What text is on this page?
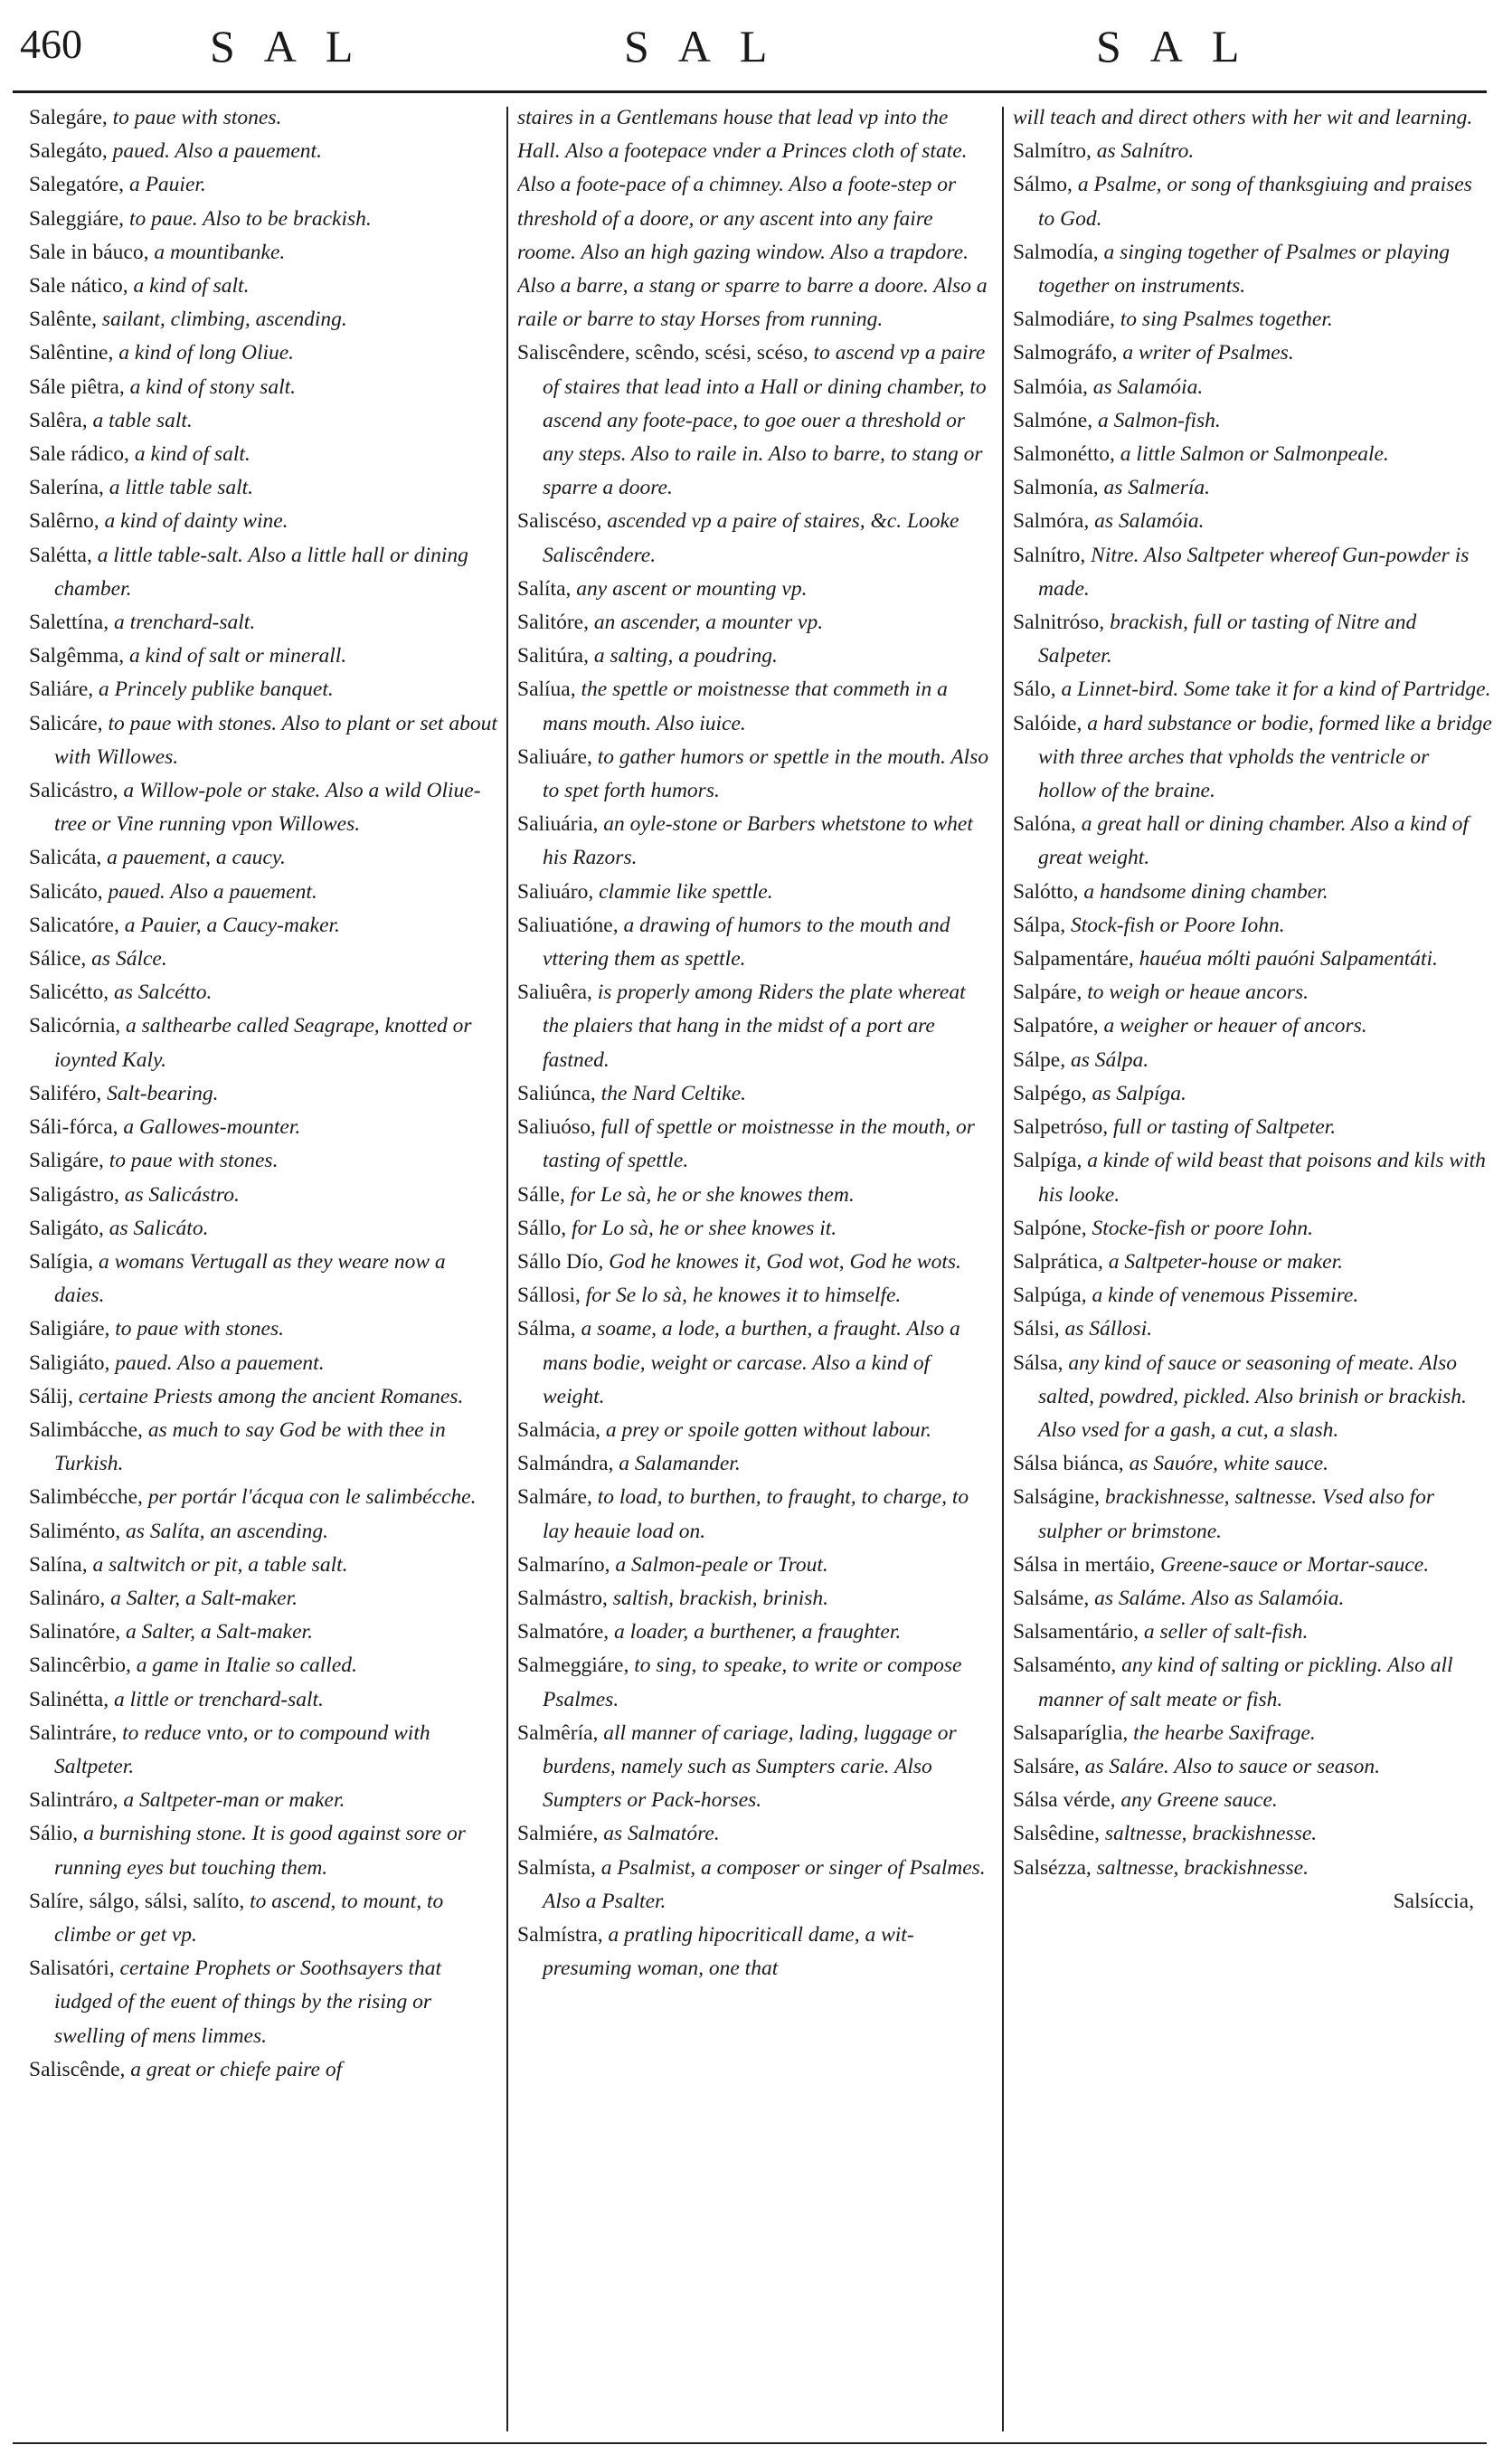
460	SAL	SAL	SAL

Salegáre, to paue with stones.

Salegáto, paued. Also a pauement.

Salegatóre, a Pauier.

Saleggiáre, to paue. Also to be brackish.

Sale in báuco, a mountibanke.

Sale nático, a kind of salt.

Salênte, sailant, climbing, ascending.

Salêntine, a kind of long Oliue.

Sále piêtra, a kind of stony salt.

Salêra, a table salt.

Sale rádico, a kind of salt.

Salerína, a little table salt.

Salêrno, a kind of dainty wine.

Salétta, a little table-salt. Also a little hall or dining chamber.

Salettína, a trenchard-salt.

Salgêmma, a kind of salt or minerall.

Saliáre, a Princely publike banquet.

Salicáre, to paue with stones. Also to plant or set about with Willowes.

Salicástro, a Willow-pole or stake. Also a wild Oliue-tree or Vine running vpon Willowes.

Salicáta, a pauement, a caucy.

Salicáto, paued. Also a pauement.

Salicatóre, a Pauier, a Caucy-maker.

Sálice, as Sálce.

Salicétto, as Salcétto.

Salicórnia, a salthearbe called Seagrape, knotted or ioynted Kaly.

Saliféro, Salt-bearing.

Sáli-fórca, a Gallowes-mounter.

Saligáre, to paue with stones.

Saligástro, as Salicástro.

Saligáto, as Salicáto.

Salígia, a womans Vertugall as they weare now a daies.

Saligiáre, to paue with stones.

Saligiáto, paued. Also a pauement.

Sálij, certaine Priests among the ancient Romanes.

Salimbácche, as much to say God be with thee in Turkish.

Salimbécche, per portár l'ácqua con le salimbécche.

Saliménto, as Salíta, an ascending.

Salína, a saltwitch or pit, a table salt.

Salináro, a Salter, a Salt-maker.

Salinatóre, a Salter, a Salt-maker.

Salincêrbio, a game in Italie so called.

Salinétta, a little or trenchard-salt.

Salintráre, to reduce vnto, or to compound with Saltpeter.

Salintráro, a Saltpeter-man or maker.

Sálio, a burnishing stone. It is good against sore or running eyes but touching them.

Salíre, sálgo, sálsi, salíto, to ascend, to mount, to climbe or get vp.

Salisatóri, certaine Prophets or Soothsayers that iudged of the euent of things by the rising or swelling of mens limmes.

Saliscênde, a great or chiefe paire of

staires in a Gentlemans house that lead vp into the Hall. Also a footepace vnder a Princes cloth of state. Also a foote-pace of a chimney. Also a foote-step or threshold of a doore, or any ascent into any faire roome. Also an high gazing window. Also a trapdore. Also a barre, a stang or sparre to barre a doore. Also a raile or barre to stay Horses from running.

Saliscêndere, scêndo, scési, scéso, to ascend vp a paire of staires that lead into a Hall or dining chamber, to ascend any foote-pace, to goe ouer a threshold or any steps. Also to raile in. Also to barre, to stang or sparre a doore.

Saliscéso, ascended vp a paire of staires, &c. Looke Saliscêndere.

Salíta, any ascent or mounting vp.

Salitóre, an ascender, a mounter vp.

Salitúra, a salting, a poudring.

Salíua, the spettle or moistnesse that commeth in a mans mouth. Also iuice.

Saliuáre, to gather humors or spettle in the mouth. Also to spet forth humors.

Saliuária, an oyle-stone or Barbers whetstone to whet his Razors.

Saliuáro, clammie like spettle.

Saliuatióne, a drawing of humors to the mouth and vttering them as spettle.

Saliuêra, is properly among Riders the plate whereat the plaiers that hang in the midst of a port are fastned.

Saliúnca, the Nard Celtike.

Saliuóso, full of spettle or moistnesse in the mouth, or tasting of spettle.

Sálle, for Le sà, he or she knowes them.

Sállo, for Lo sà, he or shee knowes it.

Sállo Dío, God he knowes it, God wot, God he wots.

Sállosi, for Se lo sà, he knowes it to himselfe.

Sálma, a soame, a lode, a burthen, a fraught. Also a mans bodie, weight or carcase. Also a kind of weight.

Salmácia, a prey or spoile gotten without labour.

Salmándra, a Salamander.

Salmáre, to load, to burthen, to fraught, to charge, to lay heauie load on.

Salmaríno, a Salmon-peale or Trout.

Salmástro, saltish, brackish, brinish.

Salmatóre, a loader, a burthener, a fraughter.

Salmeggiáre, to sing, to speake, to write or compose Psalmes.

Salmêría, all manner of cariage, lading, luggage or burdens, namely such as Sumpters carie. Also Sumpters or Pack-horses.

Salmiére, as Salmatóre.

Salmísta, a Psalmist, a composer or singer of Psalmes. Also a Psalter.

Salmístra, a pratling hipocriticall dame, a wit-presuming woman, one that

will teach and direct others with her wit and learning.

Salmítro, as Salnítro.

Sálmo, a Psalme, or song of thanksgiuing and praises to God.

Salmodía, a singing together of Psalmes or playing together on instruments.

Salmodiáre, to sing Psalmes together.

Salmográfo, a writer of Psalmes.

Salmóia, as Salamóia.

Salmóne, a Salmon-fish.

Salmonétto, a little Salmon or Salmonpeale.

Salmonía, as Salmería.

Salmóra, as Salamóia.

Salnítro, Nitre. Also Saltpeter whereof Gun-powder is made.

Salnitróso, brackish, full or tasting of Nitre and Salpeter.

Sálo, a Linnet-bird. Some take it for a kind of Partridge.

Salóide, a hard substance or bodie, formed like a bridge with three arches that vpholds the ventricle or hollow of the braine.

Salóna, a great hall or dining chamber. Also a kind of great weight.

Salótto, a handsome dining chamber.

Sálpa, Stock-fish or Poore Iohn.

Salpamentáre, hauéua mólti pauóni Salpamentáti.

Salpáre, to weigh or heaue ancors.

Salpatóre, a weigher or heauer of ancors.

Sálpe, as Sálpa.

Salpégo, as Salpíga.

Salpetróso, full or tasting of Saltpeter.

Salpíga, a kinde of wild beast that poisons and kils with his looke.

Salpóne, Stocke-fish or poore Iohn.

Salprática, a Saltpeter-house or maker.

Salpúga, a kinde of venemous Pissemire.

Sálsi, as Sállosi.

Sálsa, any kind of sauce or seasoning of meate. Also salted, powdred, pickled. Also brinish or brackish. Also vsed for a gash, a cut, a slash.

Sálsa biánca, as Sauóre, white sauce.

Salságine, brackishnesse, saltnesse. Vsed also for sulpher or brimstone.

Sálsa in mertáio, Greene-sauce or Mortar-sauce.

Salsáme, as Saláme. Also as Salamóia.

Salsamentário, a seller of salt-fish.

Salsaménto, any kind of salting or pickling. Also all manner of salt meate or fish.

Salsaparíglia, the hearbe Saxifrage.

Salsáre, as Saláre. Also to sauce or season.

Sálsa vérde, any Greene sauce.

Salsêdine, saltnesse, brackishnesse.

Salsézza, saltnesse, brackishnesse.

Salsíccia,
